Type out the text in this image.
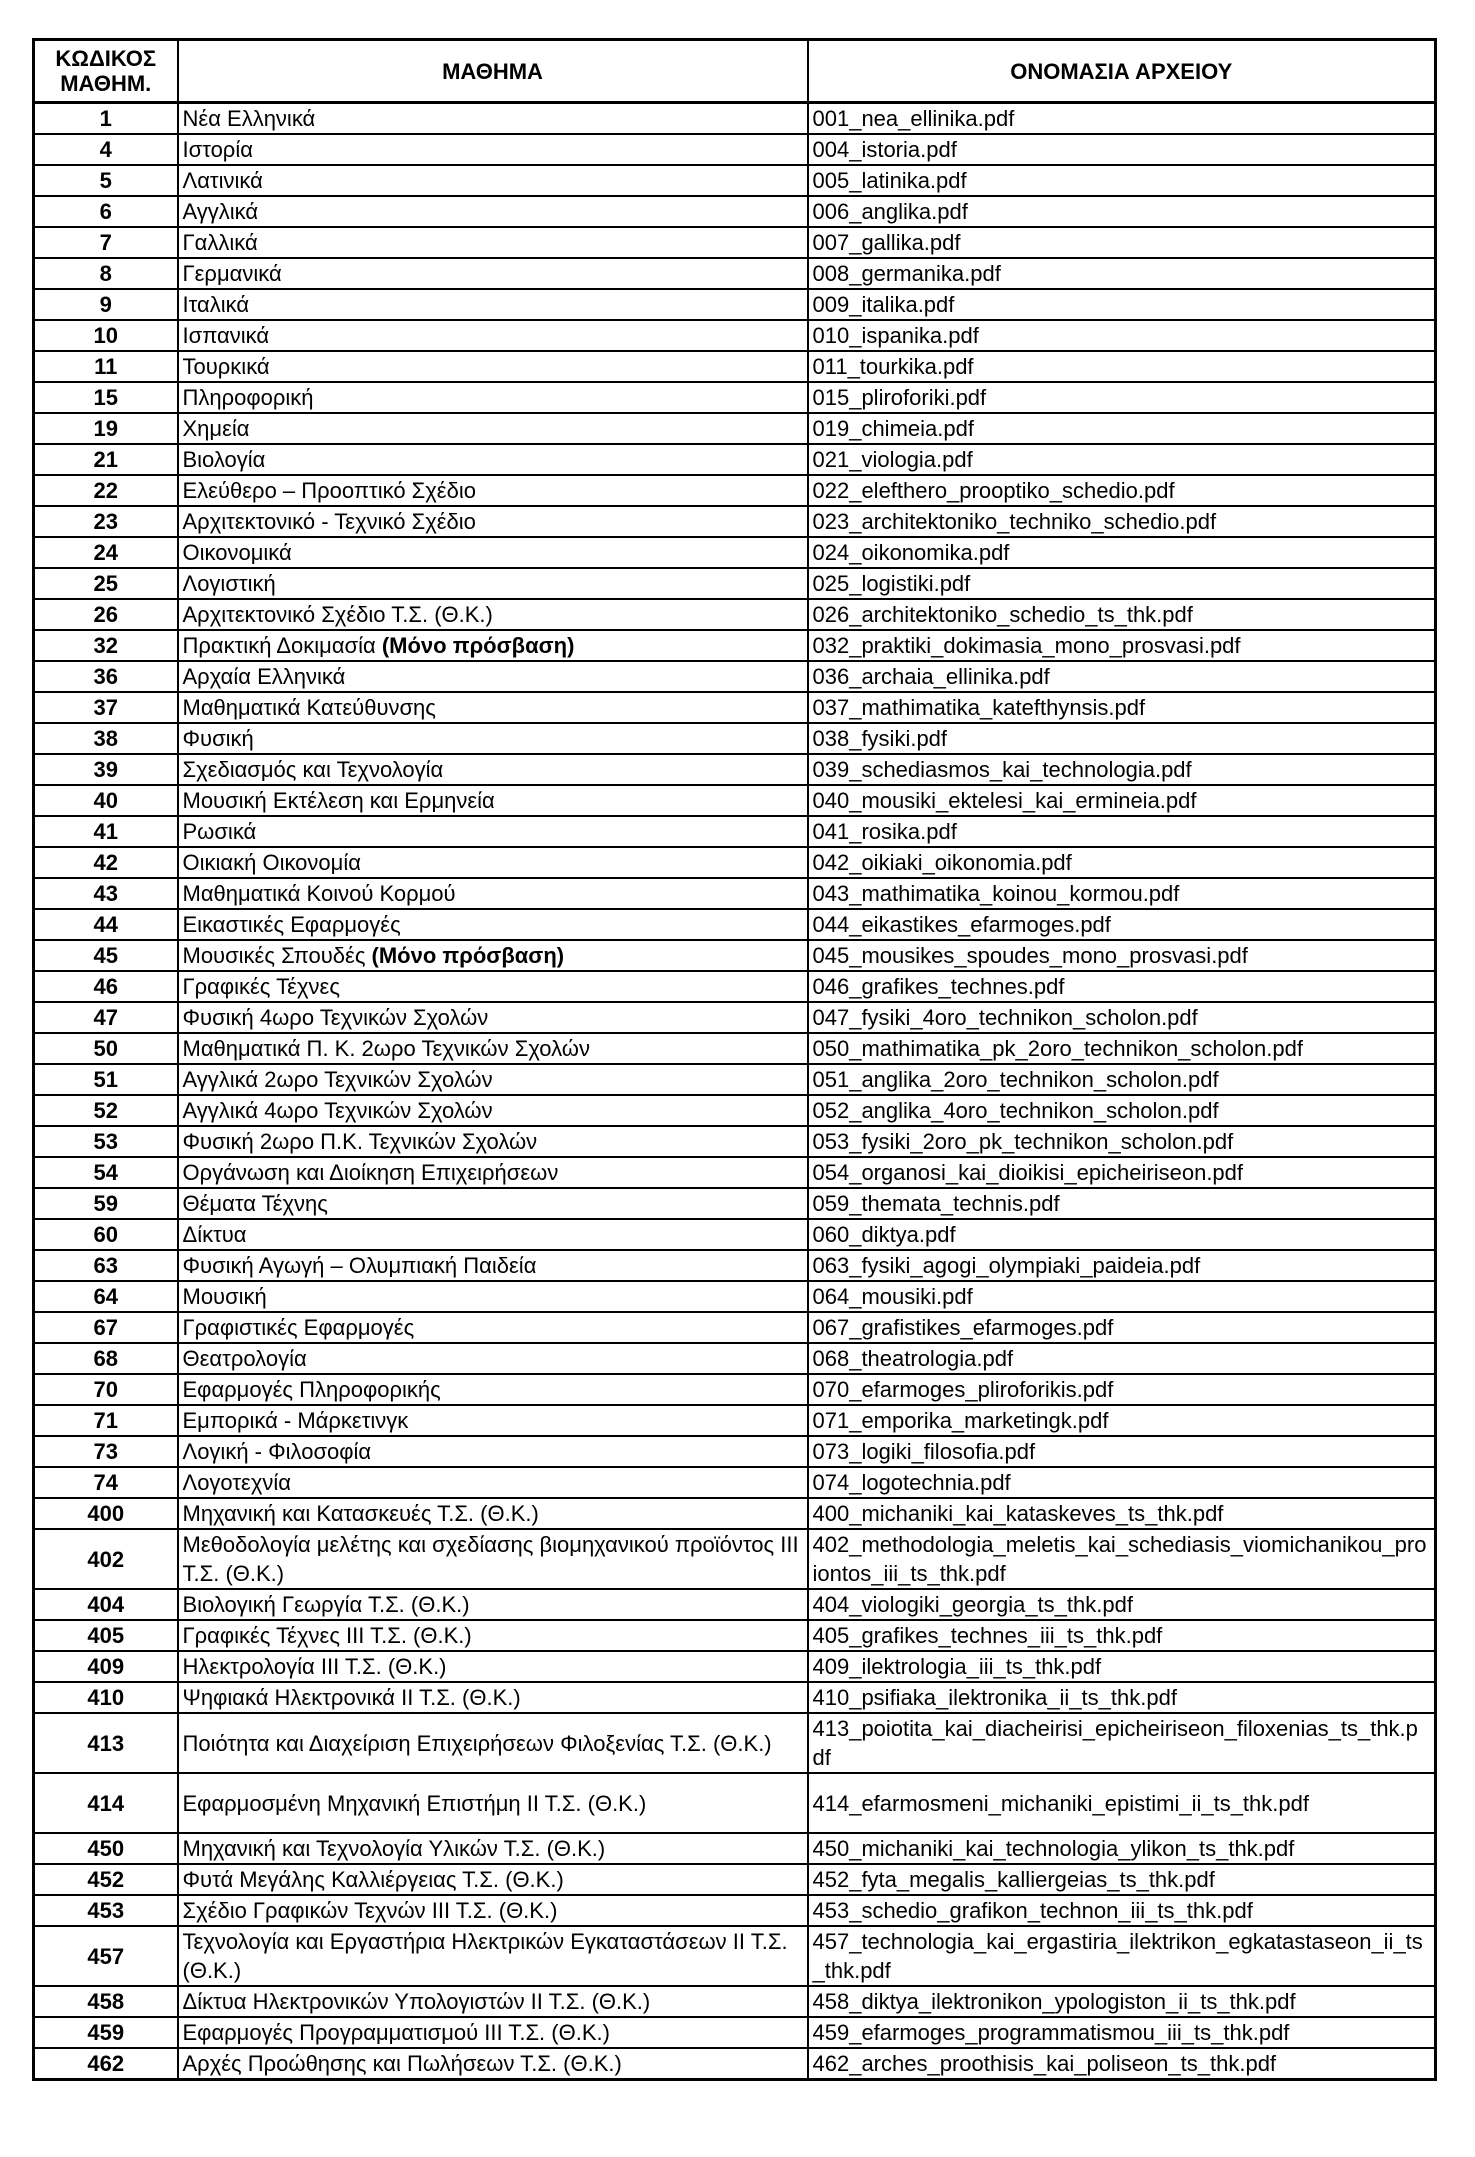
ΚΩΔΙΚΟΣ ΜΑΘΗΜ.	ΜΑΘΗΜΑ	ΟΝΟΜΑΣΙΑ ΑΡΧΕΙΟΥ
1	Νέα Ελληνικά	001_nea_ellinika.pdf
4	Ιστορία	004_istoria.pdf
5	Λατινικά	005_latinika.pdf
6	Αγγλικά	006_anglika.pdf
7	Γαλλικά	007_gallika.pdf
8	Γερμανικά	008_germanika.pdf
9	Ιταλικά	009_italika.pdf
10	Ισπανικά	010_ispanika.pdf
11	Τουρκικά	011_tourkika.pdf
15	Πληροφορική	015_pliroforiki.pdf
19	Χημεία	019_chimeia.pdf
21	Βιολογία	021_viologia.pdf
22	Ελεύθερο – Προοπτικό Σχέδιο	022_elefthero_prooptiko_schedio.pdf
23	Αρχιτεκτονικό - Τεχνικό Σχέδιο	023_architektoniko_techniko_schedio.pdf
24	Οικονομικά	024_oikonomika.pdf
25	Λογιστική	025_logistiki.pdf
26	Αρχιτεκτονικό Σχέδιο Τ.Σ. (Θ.Κ.)	026_architektoniko_schedio_ts_thk.pdf
32	Πρακτική Δοκιμασία (Μόνο πρόσβαση)	032_praktiki_dokimasia_mono_prosvasi.pdf
36	Αρχαία Ελληνικά	036_archaia_ellinika.pdf
37	Μαθηματικά Κατεύθυνσης	037_mathimatika_katefthynsis.pdf
38	Φυσική	038_fysiki.pdf
39	Σχεδιασμός και Τεχνολογία	039_schediasmos_kai_technologia.pdf
40	Μουσική Εκτέλεση και Ερμηνεία	040_mousiki_ektelesi_kai_ermineia.pdf
41	Ρωσικά	041_rosika.pdf
42	Οικιακή Οικονομία	042_oikiaki_oikonomia.pdf
43	Μαθηματικά Κοινού Κορμού	043_mathimatika_koinou_kormou.pdf
44	Εικαστικές Εφαρμογές	044_eikastikes_efarmoges.pdf
45	Μουσικές Σπουδές (Μόνο πρόσβαση)	045_mousikes_spoudes_mono_prosvasi.pdf
46	Γραφικές Τέχνες	046_grafikes_technes.pdf
47	Φυσική 4ωρο Τεχνικών Σχολών	047_fysiki_4oro_technikon_scholon.pdf
50	Μαθηματικά Π. Κ. 2ωρο Τεχνικών Σχολών	050_mathimatika_pk_2oro_technikon_scholon.pdf
51	Αγγλικά 2ωρο Τεχνικών Σχολών	051_anglika_2oro_technikon_scholon.pdf
52	Αγγλικά 4ωρο Τεχνικών Σχολών	052_anglika_4oro_technikon_scholon.pdf
53	Φυσική 2ωρο Π.Κ. Τεχνικών Σχολών	053_fysiki_2oro_pk_technikon_scholon.pdf
54	Οργάνωση και Διοίκηση Επιχειρήσεων	054_organosi_kai_dioikisi_epicheiriseon.pdf
59	Θέματα Τέχνης	059_themata_technis.pdf
60	Δίκτυα	060_diktya.pdf
63	Φυσική Αγωγή – Ολυμπιακή Παιδεία	063_fysiki_agogi_olympiaki_paideia.pdf
64	Μουσική	064_mousiki.pdf
67	Γραφιστικές Εφαρμογές	067_grafistikes_efarmoges.pdf
68	Θεατρολογία	068_theatrologia.pdf
70	Εφαρμογές Πληροφορικής	070_efarmoges_pliroforikis.pdf
71	Εμπορικά - Μάρκετινγκ	071_emporika_marketingk.pdf
73	Λογική - Φιλοσοφία	073_logiki_filosofia.pdf
74	Λογοτεχνία	074_logotechnia.pdf
400	Μηχανική και Κατασκευές Τ.Σ. (Θ.Κ.)	400_michaniki_kai_kataskeves_ts_thk.pdf
402	Μεθοδολογία μελέτης και σχεδίασης βιομηχανικού προϊόντος ΙΙΙ Τ.Σ. (Θ.Κ.)	402_methodologia_meletis_kai_schediasis_viomichanikou_proiontos_iii_ts_thk.pdf
404	Βιολογική Γεωργία Τ.Σ. (Θ.Κ.)	404_viologiki_georgia_ts_thk.pdf
405	Γραφικές Τέχνες ΙΙΙ Τ.Σ. (Θ.Κ.)	405_grafikes_technes_iii_ts_thk.pdf
409	Ηλεκτρολογία ΙΙΙ Τ.Σ. (Θ.Κ.)	409_ilektrologia_iii_ts_thk.pdf
410	Ψηφιακά Ηλεκτρονικά ΙΙ Τ.Σ. (Θ.Κ.)	410_psifiaka_ilektronika_ii_ts_thk.pdf
413	Ποιότητα και Διαχείριση Επιχειρήσεων Φιλοξενίας Τ.Σ. (Θ.Κ.)	413_poiotita_kai_diacheirisi_epicheiriseon_filoxenias_ts_thk.pdf
414	Εφαρμοσμένη Μηχανική Επιστήμη ΙΙ Τ.Σ. (Θ.Κ.)	414_efarmosmeni_michaniki_epistimi_ii_ts_thk.pdf
450	Μηχανική και Τεχνολογία Υλικών Τ.Σ. (Θ.Κ.)	450_michaniki_kai_technologia_ylikon_ts_thk.pdf
452	Φυτά Μεγάλης Καλλιέργειας Τ.Σ. (Θ.Κ.)	452_fyta_megalis_kalliergeias_ts_thk.pdf
453	Σχέδιο Γραφικών Τεχνών ΙΙΙ Τ.Σ. (Θ.Κ.)	453_schedio_grafikon_technon_iii_ts_thk.pdf
457	Τεχνολογία και Εργαστήρια Ηλεκτρικών Εγκαταστάσεων ΙΙ Τ.Σ. (Θ.Κ.)	457_technologia_kai_ergastiria_ilektrikon_egkatastaseon_ii_ts_thk.pdf
458	Δίκτυα Ηλεκτρονικών Υπολογιστών ΙΙ Τ.Σ. (Θ.Κ.)	458_diktya_ilektronikon_ypologiston_ii_ts_thk.pdf
459	Εφαρμογές Προγραμματισμού ΙΙΙ Τ.Σ. (Θ.Κ.)	459_efarmoges_programmatismou_iii_ts_thk.pdf
462	Αρχές Προώθησης και Πωλήσεων Τ.Σ. (Θ.Κ.)	462_arches_proothisis_kai_poliseon_ts_thk.pdf
